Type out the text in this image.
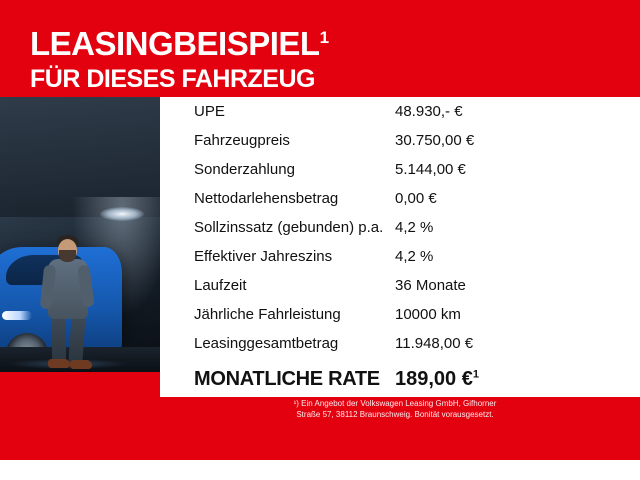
LEASINGBEISPIEL$^1$
FÜR DIESES FAHRZEUG
UPE	48.930,- €
Fahrzeugpreis	30.750,00 €
Sonderzahlung	5.144,00 €
Nettodarlehensbetrag	0,00 €
Sollzinssatz (gebunden) p.a. 4,2 %
Effektiver Jahreszins	4,2 %
Laufzeit	36 Monate
Jährliche Fahrleistung	10000 km
Leasinggesamtbetrag	11.948,00 €
MONATLICHE RATE 189,00 €$^1$
¹) Ein Angebot der Volkswagen Leasing GmbH, Gifhorner
Straße 57, 38112 Braunschweig. Bonität vorausgesetzt.
